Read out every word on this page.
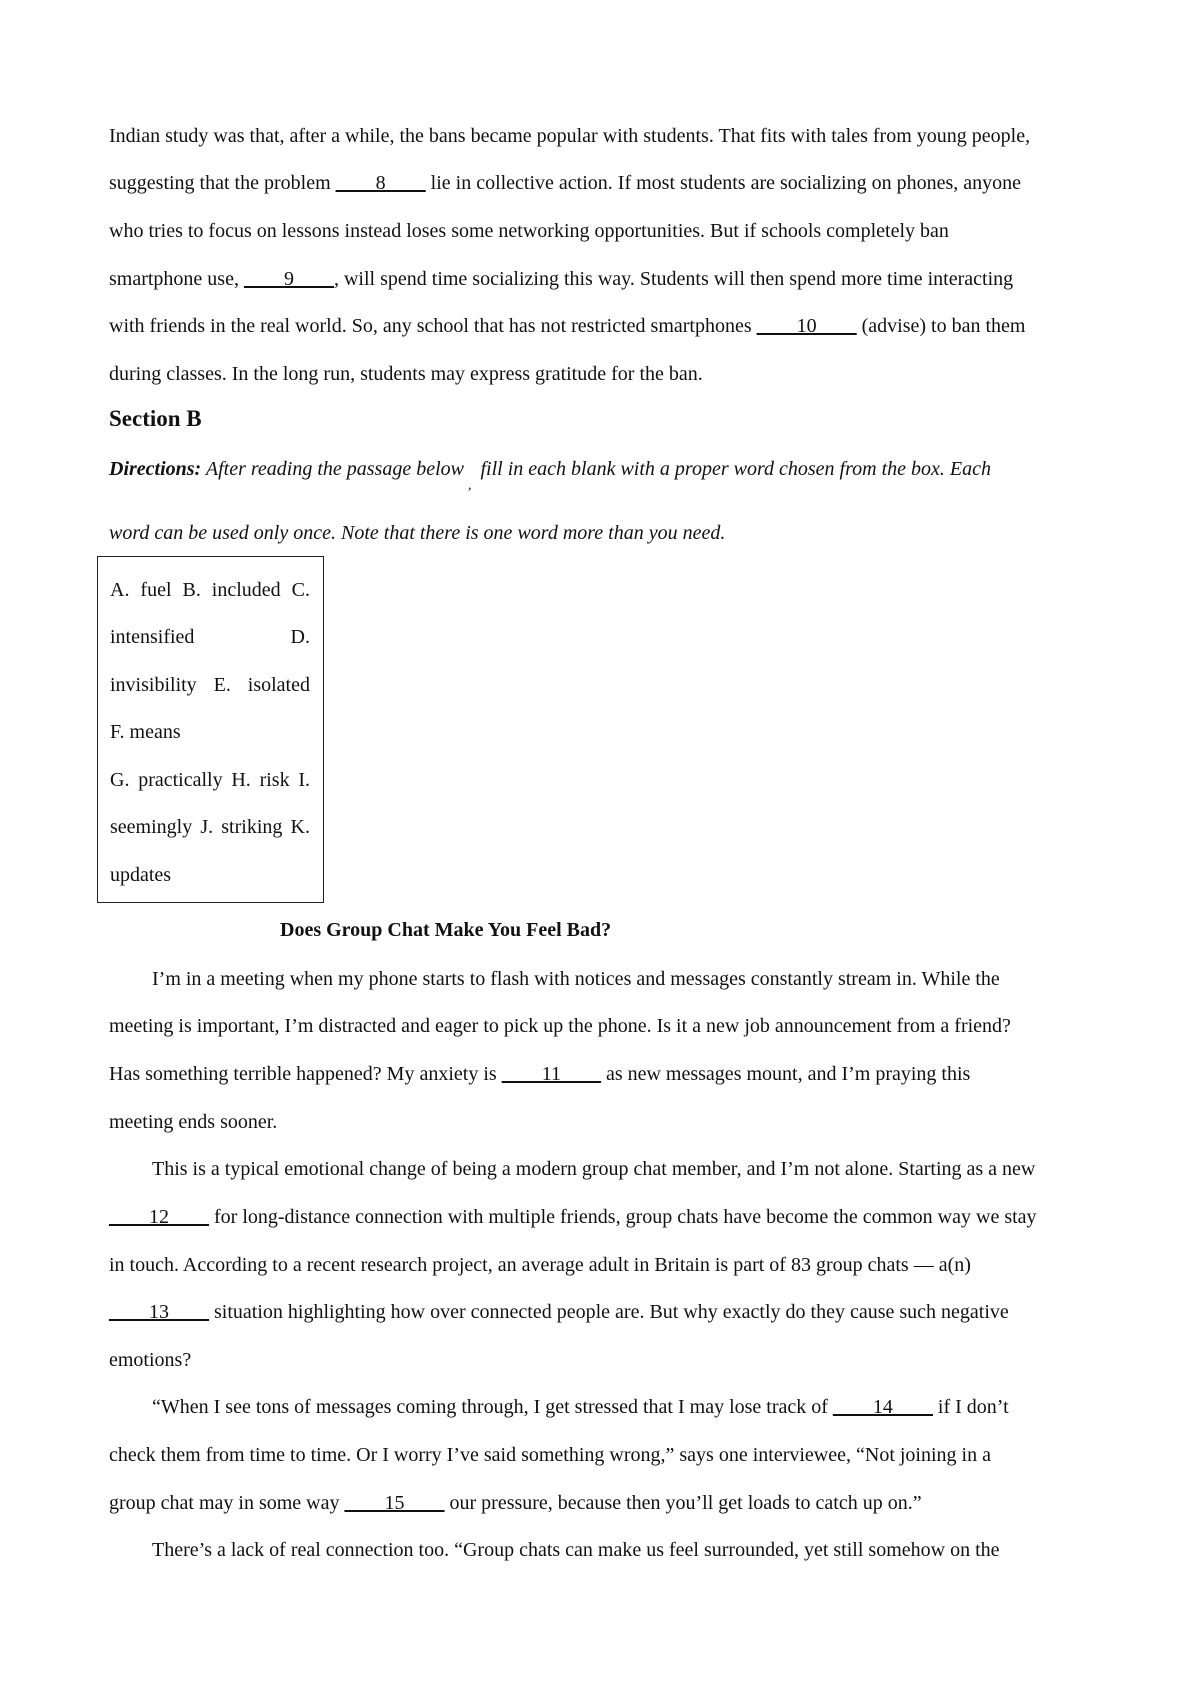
Indian study was that, after a while, the bans became popular with students. That fits with tales from young people,
suggesting that the problem ____8____ lie in collective action. If most students are socializing on phones, anyone
who tries to focus on lessons instead loses some networking opportunities. But if schools completely ban
smartphone use, ____9____, will spend time socializing this way. Students will then spend more time interacting
with friends in the real world. So, any school that has not restricted smartphones ____10____ (advise) to ban them
during classes. In the long run, students may express gratitude for the ban.
Section B
Directions: After reading the passage below, fill in each blank with a proper word chosen from the box. Each
word can be used only once. Note that there is one word more than you need.
A. fuel B. included C.
intensified	D.
invisibility E. isolated
F. means
G. practically H. risk I.
seemingly J. striking K.
updates
Does Group Chat Make You Feel Bad?
I’m in a meeting when my phone starts to flash with notices and messages constantly stream in. While the
meeting is important, I’m distracted and eager to pick up the phone. Is it a new job announcement from a friend?
Has something terrible happened? My anxiety is ____11____ as new messages mount, and I’m praying this
meeting ends sooner.
This is a typical emotional change of being a modern group chat member, and I’m not alone. Starting as a new
____12____ for long-distance connection with multiple friends, group chats have become the common way we stay
in touch. According to a recent research project, an average adult in Britain is part of 83 group chats — a(n)
____13____ situation highlighting how over connected people are. But why exactly do they cause such negative
emotions?
“When I see tons of messages coming through, I get stressed that I may lose track of ____14____ if I don’t
check them from time to time. Or I worry I’ve said something wrong,” says one interviewee, “Not joining in a
group chat may in some way ____15____ our pressure, because then you’ll get loads to catch up on.”
There’s a lack of real connection too. “Group chats can make us feel surrounded, yet still somehow on the
